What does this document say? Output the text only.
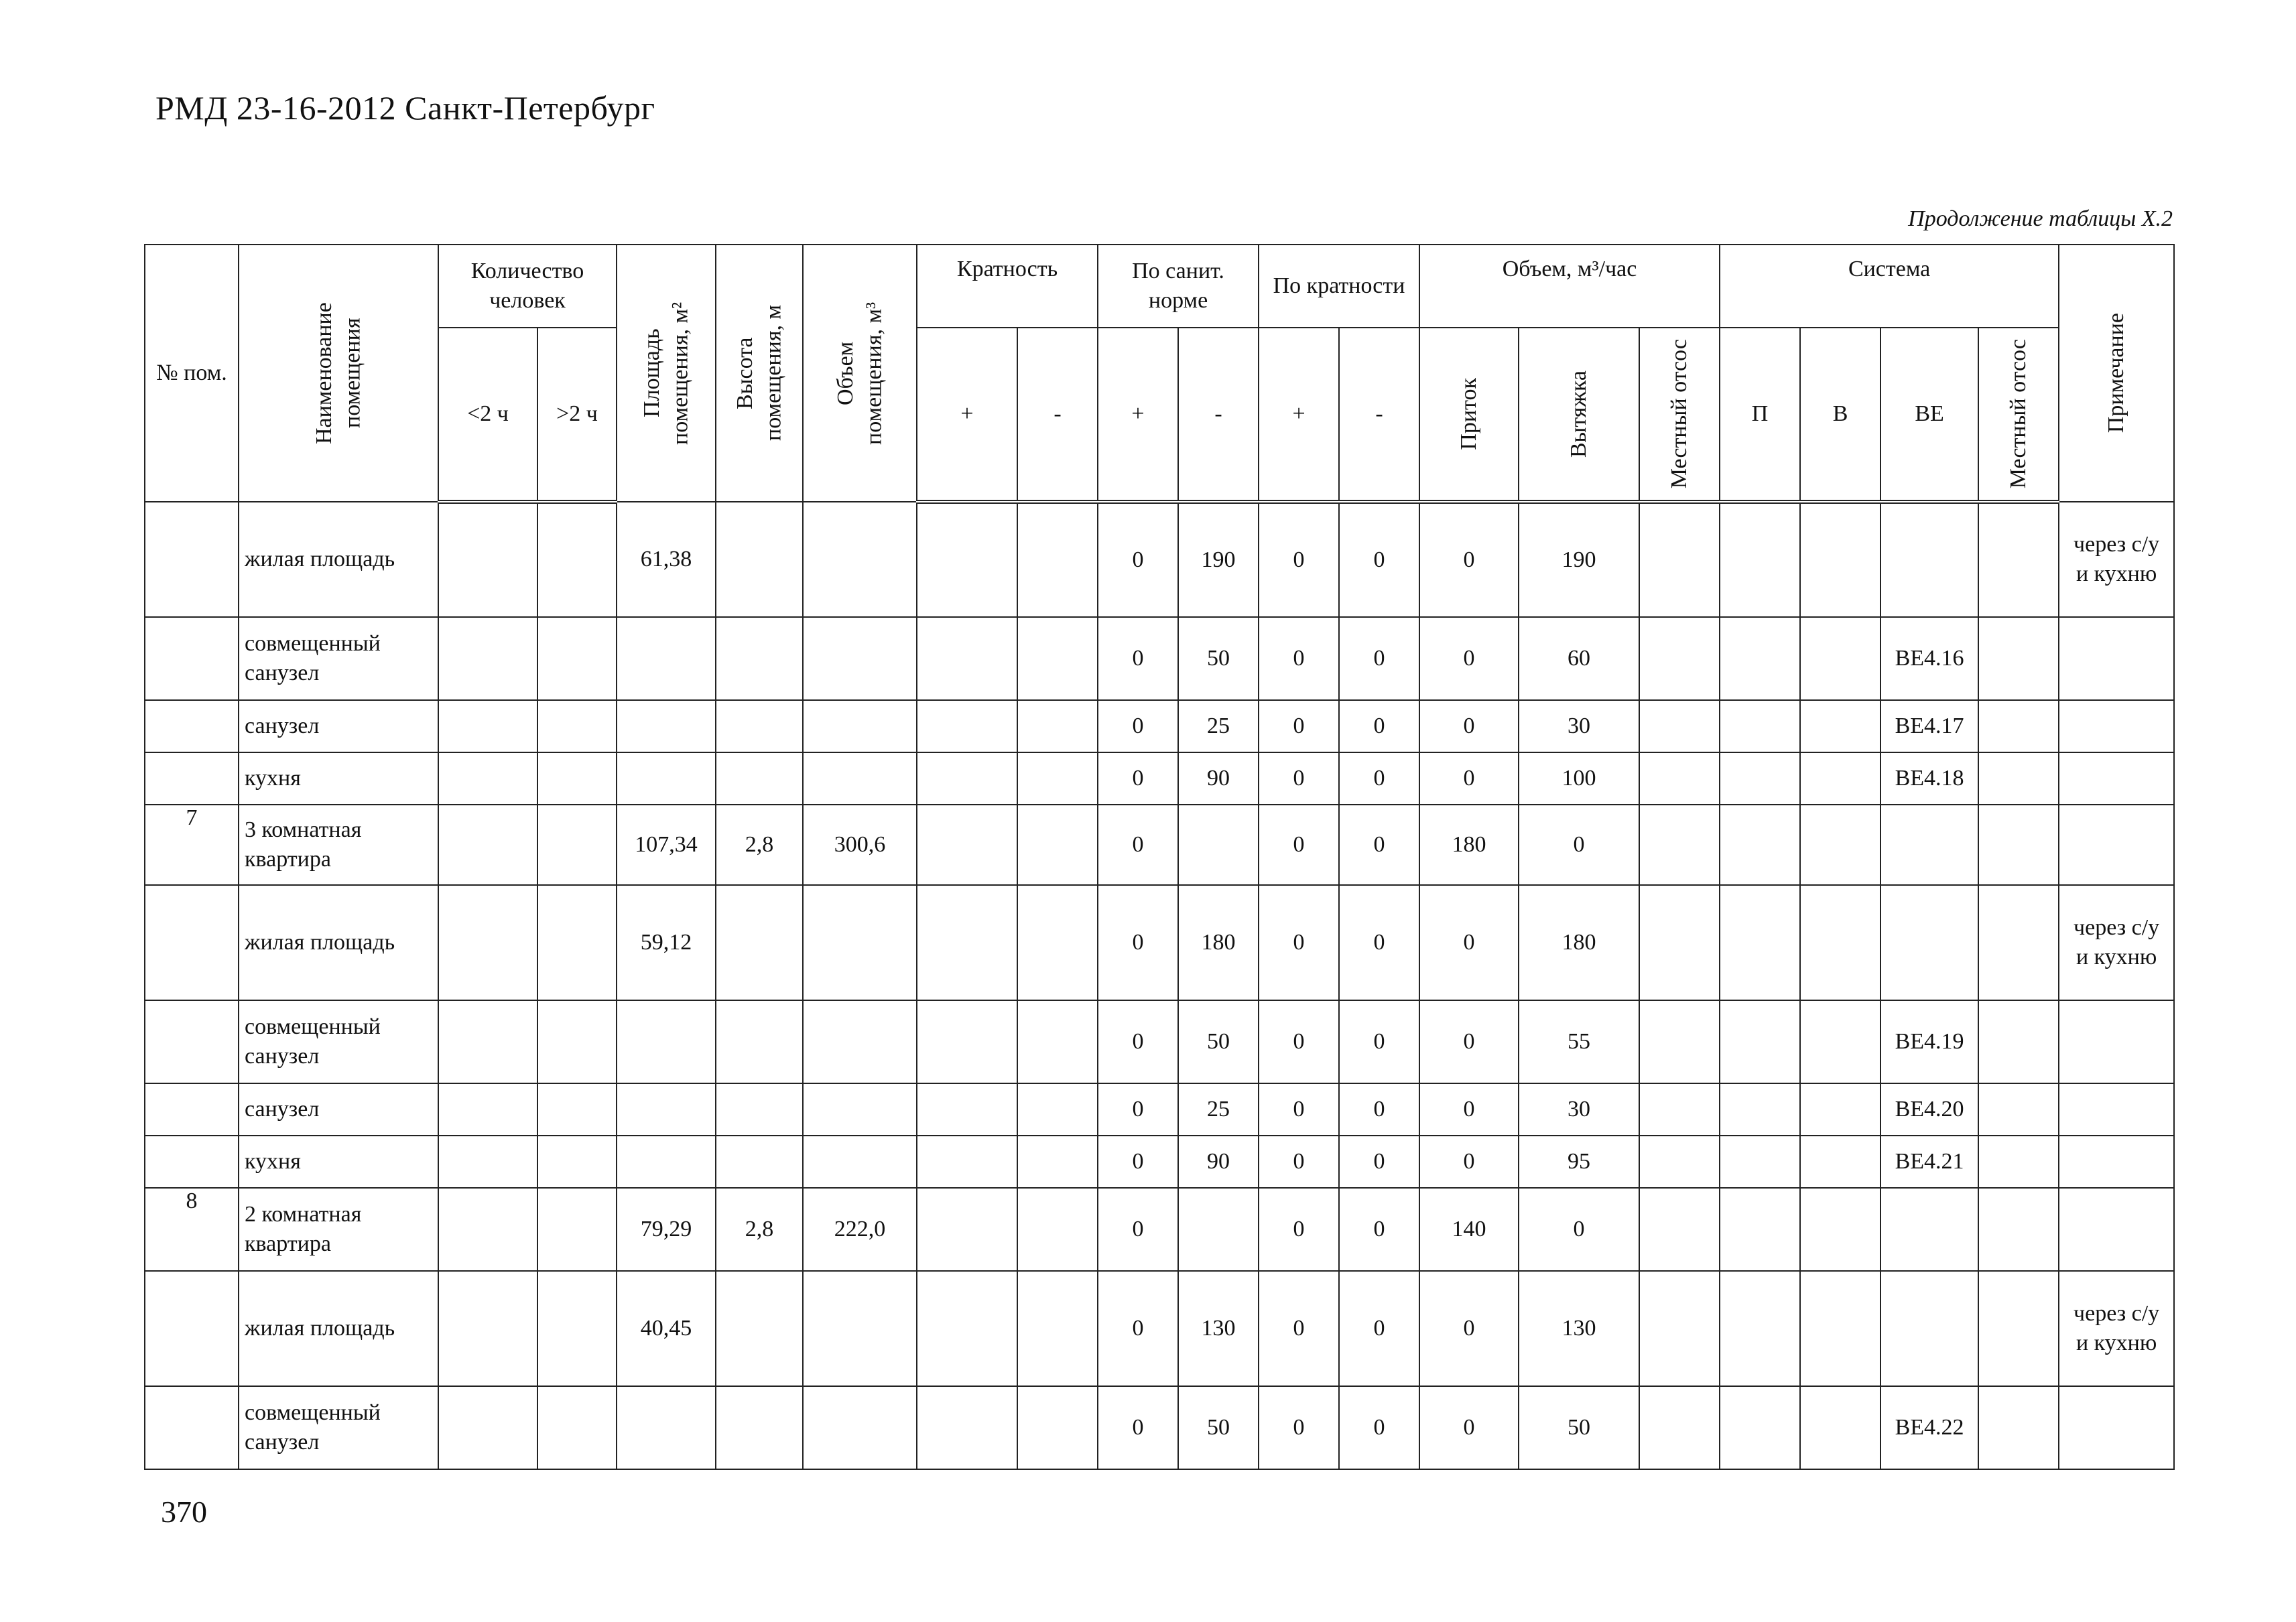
РМД 23-16-2012 Санкт-Петербург
Продолжение таблицы Х.2
№ пом.	Наименование помещения	Количество человек		Площадь помещения, м²	Высота помещения, м	Объем помещения, м³	Кратность		По санит. норме		По кратности		Объем, м³/час			Система				Примечание

		<2 ч	>2 ч				+	-	+	-	+	-	Приток	Вытяжка	Местный отсос	П	В	ВЕ	Местный отсос	

	жилая площадь			61,38					0	190	0	0	0	190						через с/у и кухню
	совмещенный санузел								0	50	0	0	0	60				BE4.16		
	санузел								0	25	0	0	0	30				BE4.17		
	кухня								0	90	0	0	0	100				BE4.18		
7	3 комнатная квартира			107,34	2,8	300,6			0		0	0	180	0						
	жилая площадь			59,12					0	180	0	0	0	180						через с/у и кухню
	совмещенный санузел								0	50	0	0	0	55				BE4.19		
	санузел								0	25	0	0	0	30				BE4.20		
	кухня								0	90	0	0	0	95				BE4.21		
8	2 комнатная квартира			79,29	2,8	222,0			0		0	0	140	0						
	жилая площадь			40,45					0	130	0	0	0	130						через с/у и кухню
	совмещенный санузел								0	50	0	0	0	50				BE4.22		
370
